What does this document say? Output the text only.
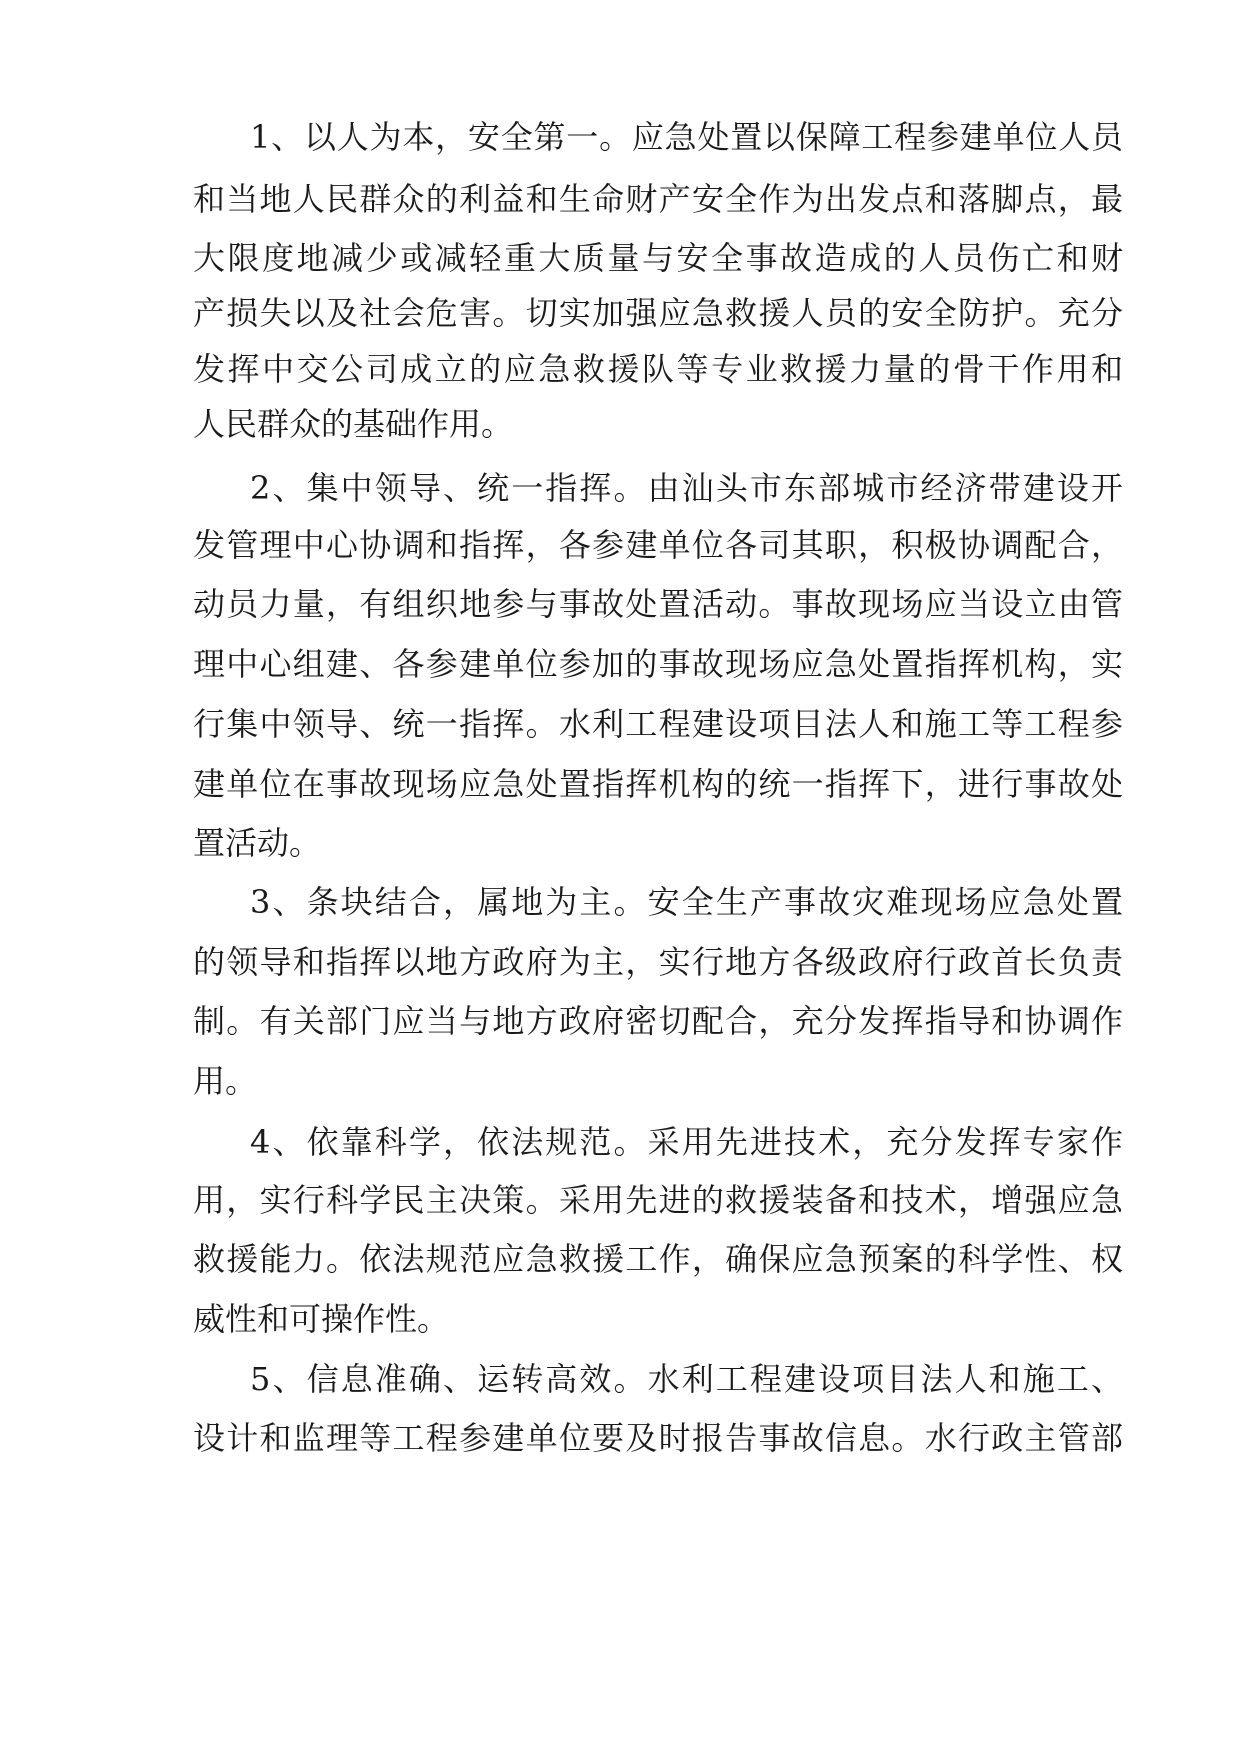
1、以人为本，安全第一。应急处置以保障工程参建单位人员
和当地人民群众的利益和生命财产安全作为出发点和落脚点，最
大限度地减少或减轻重大质量与安全事故造成的人员伤亡和财
产损失以及社会危害。切实加强应急救援人员的安全防护。充分
发挥中交公司成立的应急救援队等专业救援力量的骨干作用和
人民群众的基础作用。
2、集中领导、统一指挥。由汕头市东部城市经济带建设开
发管理中心协调和指挥，各参建单位各司其职，积极协调配合，
动员力量，有组织地参与事故处置活动。事故现场应当设立由管
理中心组建、各参建单位参加的事故现场应急处置指挥机构，实
行集中领导、统一指挥。水利工程建设项目法人和施工等工程参
建单位在事故现场应急处置指挥机构的统一指挥下，进行事故处
置活动。
3、条块结合，属地为主。安全生产事故灾难现场应急处置
的领导和指挥以地方政府为主，实行地方各级政府行政首长负责
制。有关部门应当与地方政府密切配合，充分发挥指导和协调作
用。
4、依靠科学，依法规范。采用先进技术，充分发挥专家作
用，实行科学民主决策。采用先进的救援装备和技术，增强应急
救援能力。依法规范应急救援工作，确保应急预案的科学性、权
威性和可操作性。
5、信息准确、运转高效。水利工程建设项目法人和施工、
设计和监理等工程参建单位要及时报告事故信息。水行政主管部
